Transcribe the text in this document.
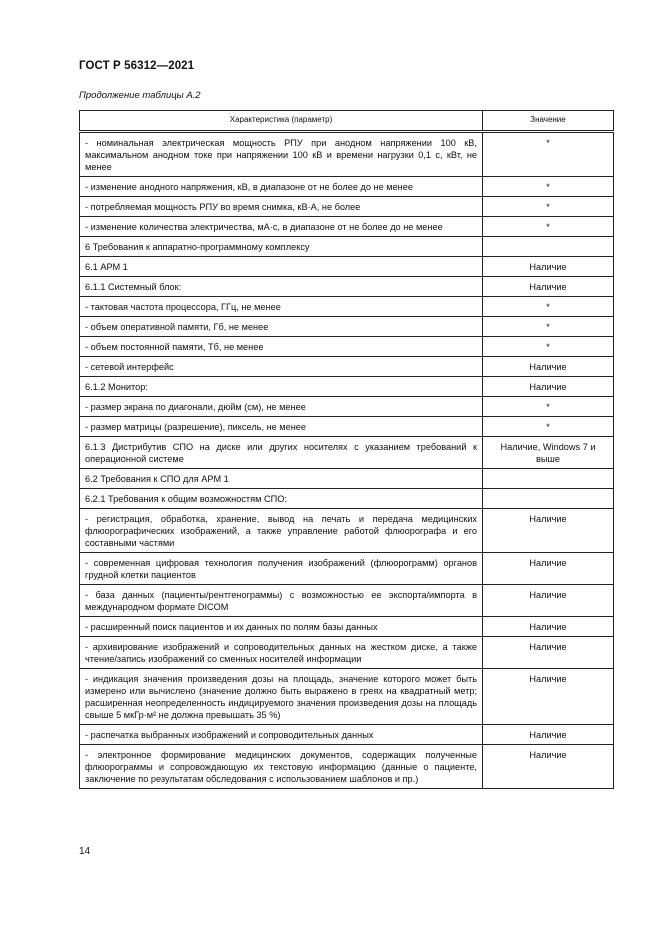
ГОСТ Р 56312—2021
Продолжение таблицы А.2
Характеристика (параметр)	Значение
- номинальная электрическая мощность РПУ при анодном напряжении 100 кВ, максимальном анодном токе при напряжении 100 кВ и времени нагрузки 0,1 с, кВт, не менее	*
- изменение анодного напряжения, кВ, в диапазоне от не более до не менее	*
- потребляемая мощность РПУ во время снимка, кВ·А, не более	*
- изменение количества электричества, мА·с, в диапазоне от не более до не менее	*
6 Требования к аппаратно-программному комплексу	
6.1 АРМ 1	Наличие
6.1.1 Системный блок:	Наличие
- тактовая частота процессора, ГГц, не менее	*
- объем оперативной памяти, Гб, не менее	*
- объем постоянной памяти, Тб, не менее	*
- сетевой интерфейс	Наличие
6.1.2 Монитор:	Наличие
- размер экрана по диагонали, дюйм (см), не менее	*
- размер матрицы (разрешение), пиксель, не менее	*
6.1.3 Дистрибутив СПО на диске или других носителях с указанием требований к операционной системе	Наличие, Windows 7 и выше
6.2 Требования к СПО для АРМ 1	
6.2.1 Требования к общим возможностям СПО:	
- регистрация, обработка, хранение, вывод на печать и передача медицинских флюорографических изображений, а также управление работой флюорографа и его составными частями	Наличие
- современная цифровая технология получения изображений (флюорограмм) органов грудной клетки пациентов	Наличие
- база данных (пациенты/рентгенограммы) с возможностью ее экспорта/импорта в международном формате DICOM	Наличие
- расширенный поиск пациентов и их данных по полям базы данных	Наличие
- архивирование изображений и сопроводительных данных на жестком диске, а также чтение/запись изображений со сменных носителей информации	Наличие
- индикация значения произведения дозы на площадь, значение которого может быть измерено или вычислено (значение должно быть выражено в греях на квадратный метр; расширенная неопределенность индицируемого значения произведения дозы на площадь свыше 5 мкГр·м² не должна превышать 35 %)	Наличие
- распечатка выбранных изображений и сопроводительных данных	Наличие
- электронное формирование медицинских документов, содержащих полученные флюорограммы и сопровождающую их текстовую информацию (данные о пациенте, заключение по результатам обследования с использованием шаблонов и пр.)	Наличие
14
